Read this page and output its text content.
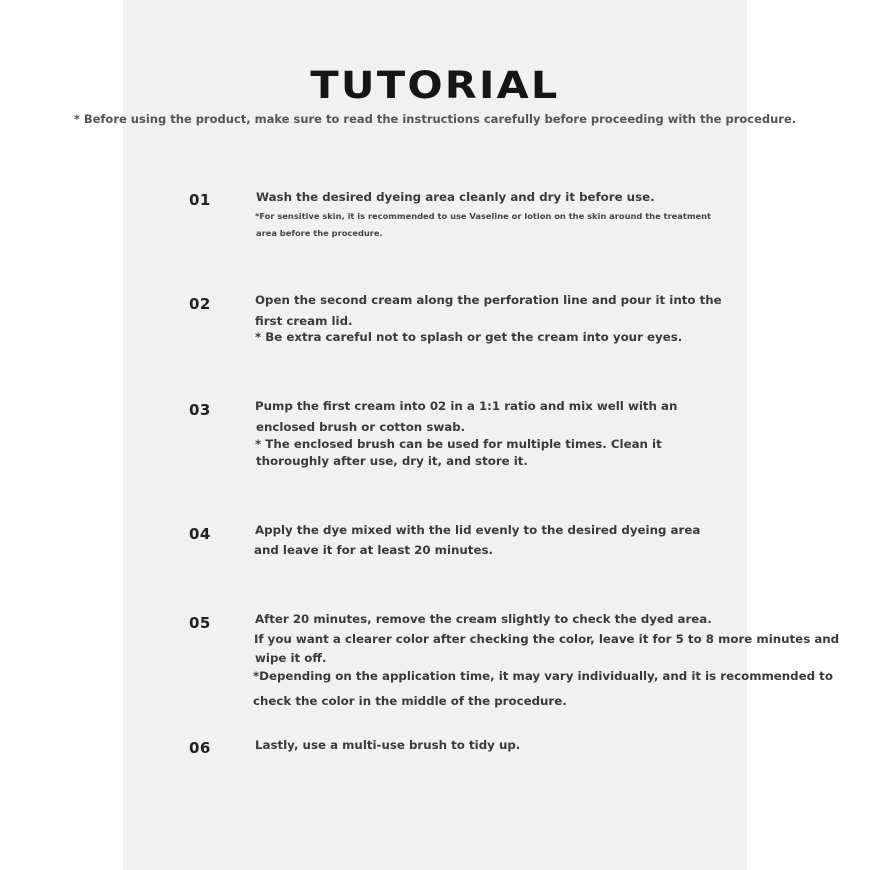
TUTORIAL
* Before using the product, make sure to read the instructions carefully before proceeding with the procedure.
01	Wash the desired dyeing area cleanly and dry it before use.
*For sensitive skin, it is recommended to use Vaseline or lotion on the skin around the treatment
area before the procedure.
02	Open the second cream along the perforation line and pour it into the
first cream lid.
* Be extra careful not to splash or get the cream into your eyes.
03	Pump the first cream into 02 in a 1:1 ratio and mix well with an
enclosed brush or cotton swab.
* The enclosed brush can be used for multiple times. Clean it
thoroughly after use, dry it, and store it.
04	Apply the dye mixed with the lid evenly to the desired dyeing area
and leave it for at least 20 minutes.
05	After 20 minutes, remove the cream slightly to check the dyed area.
If you want a clearer color after checking the color, leave it for 5 to 8 more minutes and
wipe it off.
*Depending on the application time, it may vary individually, and it is recommended to
check the color in the middle of the procedure.
06	Lastly, use a multi-use brush to tidy up.
